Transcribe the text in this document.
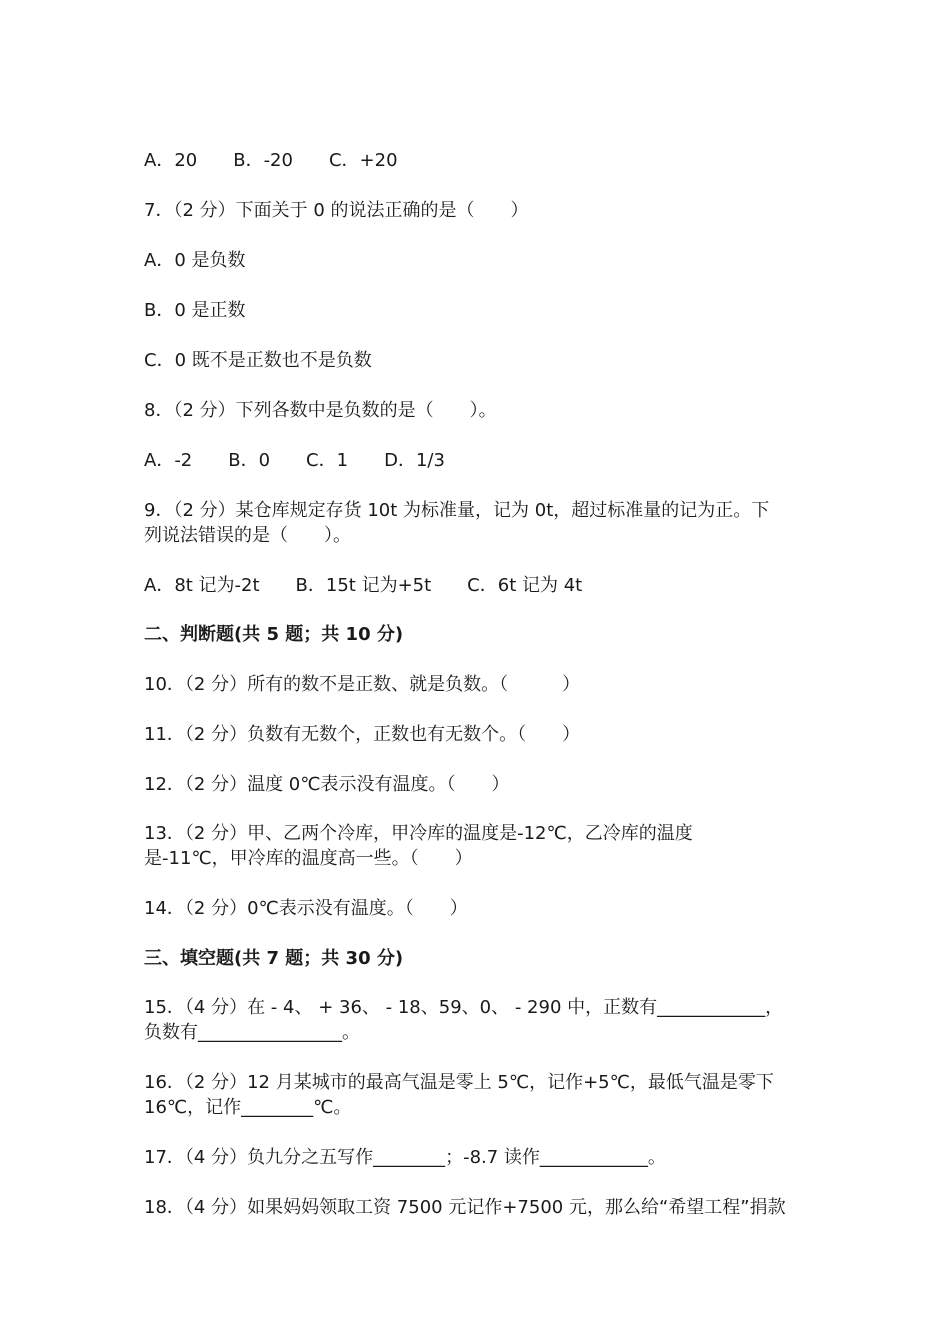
A．20　　B．-20　　C．+20
7．（2 分）下面关于 0 的说法正确的是（　　）
A．0 是负数
B．0 是正数
C．0 既不是正数也不是负数
8．（2 分）下列各数中是负数的是（　　）。
A．-2　　B．0　　C．1　　D．1/3
9．（2 分）某仓库规定存货 10t 为标准量，记为 0t，超过标准量的记为正。下
列说法错误的是（　　）。
A．8t 记为-2t　　B．15t 记为+5t　　C．6t 记为 4t
二、判断题(共 5 题；共 10 分)
10．（2 分）所有的数不是正数、就是负数。（　　　）
11．（2 分）负数有无数个，正数也有无数个。（　　）
12．（2 分）温度 0℃表示没有温度。（　　）
13．（2 分）甲、乙两个冷库，甲冷库的温度是-12℃，乙冷库的温度
是-11℃，甲冷库的温度高一些。（　　）
14．（2 分）0℃表示没有温度。（　　）
三、填空题(共 7 题；共 30 分)
15．（4 分）在 - 4、 + 36、 - 18、59、0、 - 290 中，正数有____________，
负数有________________。
16．（2 分）12 月某城市的最高气温是零上 5℃，记作+5℃，最低气温是零下
16℃，记作________℃。
17．（4 分）负九分之五写作________；-8.7 读作____________。
18．（4 分）如果妈妈领取工资 7500 元记作+7500 元，那么给“希望工程”捐款
